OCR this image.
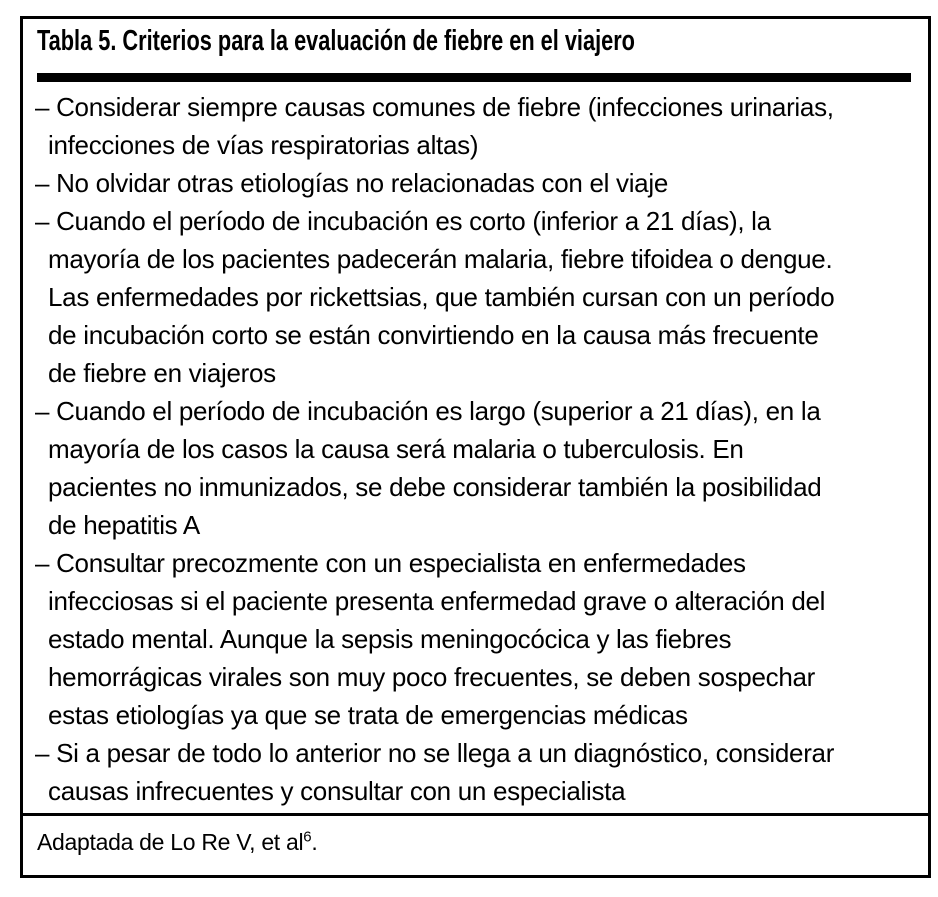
Tabla 5. Criterios para la evaluación de fiebre en el viajero
– Considerar siempre causas comunes de fiebre (infecciones urinarias,
infecciones de vías respiratorias altas)
– No olvidar otras etiologías no relacionadas con el viaje
– Cuando el período de incubación es corto (inferior a 21 días), la
mayoría de los pacientes padecerán malaria, fiebre tifoidea o dengue.
Las enfermedades por rickettsias, que también cursan con un período
de incubación corto se están convirtiendo en la causa más frecuente
de fiebre en viajeros
– Cuando el período de incubación es largo (superior a 21 días), en la
mayoría de los casos la causa será malaria o tuberculosis. En
pacientes no inmunizados, se debe considerar también la posibilidad
de hepatitis A
– Consultar precozmente con un especialista en enfermedades
infecciosas si el paciente presenta enfermedad grave o alteración del
estado mental. Aunque la sepsis meningocócica y las fiebres
hemorrágicas virales son muy poco frecuentes, se deben sospechar
estas etiologías ya que se trata de emergencias médicas
– Si a pesar de todo lo anterior no se llega a un diagnóstico, considerar
causas infrecuentes y consultar con un especialista
Adaptada de Lo Re V, et al$^6$.
